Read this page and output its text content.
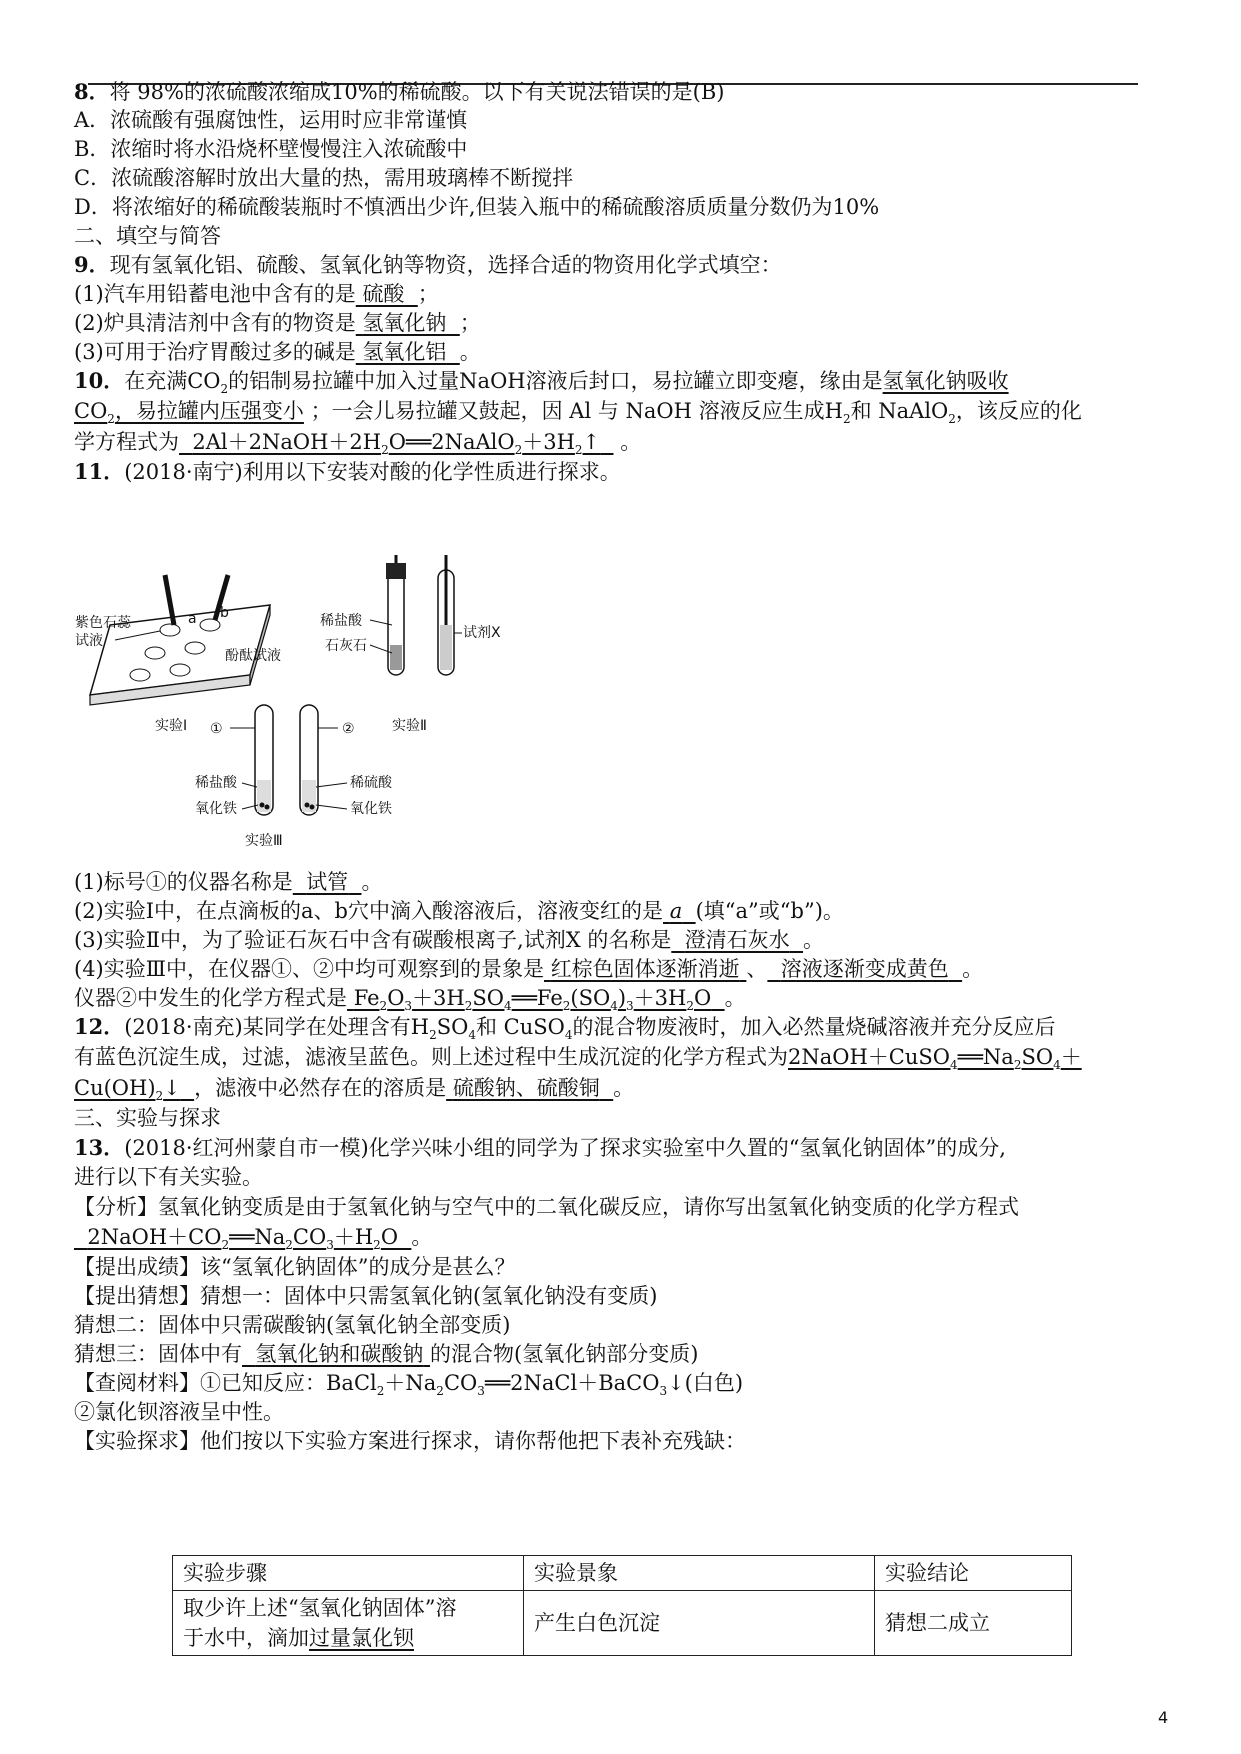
8．将 98%的浓硫酸浓缩成10%的稀硫酸。以下有关说法错误的是(B)
A．浓硫酸有强腐蚀性，运用时应非常谨慎
B．浓缩时将水沿烧杯壁慢慢注入浓硫酸中
C．浓硫酸溶解时放出大量的热，需用玻璃棒不断搅拌
D．将浓缩好的稀硫酸装瓶时不慎洒出少许,但装入瓶中的稀硫酸溶质质量分数仍为10%
二、填空与简答
9．现有氢氧化铝、硫酸、氢氧化钠等物资，选择合适的物资用化学式填空：
(1)汽车用铅蓄电池中含有的是 硫酸 ；
(2)炉具清洁剂中含有的物资是 氢氧化钠 ；
(3)可用于治疗胃酸过多的碱是 氢氧化铝 。
10．在充满$CO_2$的铝制易拉罐中加入过量NaOH溶液后封口，易拉罐立即变瘪，缘由是氢氧化钠吸收
$CO_2$，易拉罐内压强变小 ；一会儿易拉罐又鼓起，因 Al 与 NaOH 溶液反应生成$H_2$和 NaAlO$_2$，该反应的化
学方程式为 $2Al+2NaOH+2H_2O══2NaAlO_2+3H_2↑$ 。
11．(2018·南宁)利用以下安装对酸的化学性质进行探求。
a b
紫色石蕊
试液
酚酞试液
实验Ⅰ
稀盐酸
石灰石
试剂X
实验Ⅱ
①	②
稀盐酸
氧化铁
稀硫酸
氧化铁
实验Ⅲ
(1)标号①的仪器名称是 试管 。
(2)实验Ⅰ中，在点滴板的a、b穴中滴入酸溶液后，溶液变红的是 a (填“a”或“b”)。
(3)实验Ⅱ中，为了验证石灰石中含有碳酸根离子,试剂X 的名称是 澄清石灰水 。
(4)实验Ⅲ中，在仪器①、②中均可观察到的景象是 红棕色固体逐渐消逝 、 溶液逐渐变成黄色 。
仪器②中发生的化学方程式是 $Fe_2O_3+3H_2SO_4══Fe_2(SO_4)_3+3H_2O$ 。
12．(2018·南充)某同学在处理含有$H_2SO_4$和 CuSO$_4$的混合物废液时，加入必然量烧碱溶液并充分反应后
有蓝色沉淀生成，过滤，滤液呈蓝色。则上述过程中生成沉淀的化学方程式为$2NaOH+CuSO_4══Na_2SO_4+$
$Cu(OH)_2↓$ ，滤液中必然存在的溶质是 硫酸钠、硫酸铜 。
三、实验与探求
13．(2018·红河州蒙自市一模)化学兴味小组的同学为了探求实验室中久置的“氢氧化钠固体”的成分,
进行以下有关实验。
【分析】氢氧化钠变质是由于氢氧化钠与空气中的二氧化碳反应，请你写出氢氧化钠变质的化学方程式
$2NaOH+CO_2══Na_2CO_3+H_2O$ 。
【提出成绩】该“氢氧化钠固体”的成分是甚么？
【提出猜想】猜想一：固体中只需氢氧化钠(氢氧化钠没有变质)
猜想二：固体中只需碳酸钠(氢氧化钠全部变质)
猜想三：固体中有 氢氧化钠和碳酸钠 的混合物(氢氧化钠部分变质)
【查阅材料】①已知反应：$BaCl_2+Na_2CO_3══2NaCl+BaCO_3↓$(白色)
②氯化钡溶液呈中性。
【实验探求】他们按以下实验方案进行探求，请你帮他把下表补充残缺：
实验步骤	实验景象	实验结论
取少许上述“氢氧化钠固体”溶
于水中，滴加过量氯化钡	产生白色沉淀	猜想二成立
4
